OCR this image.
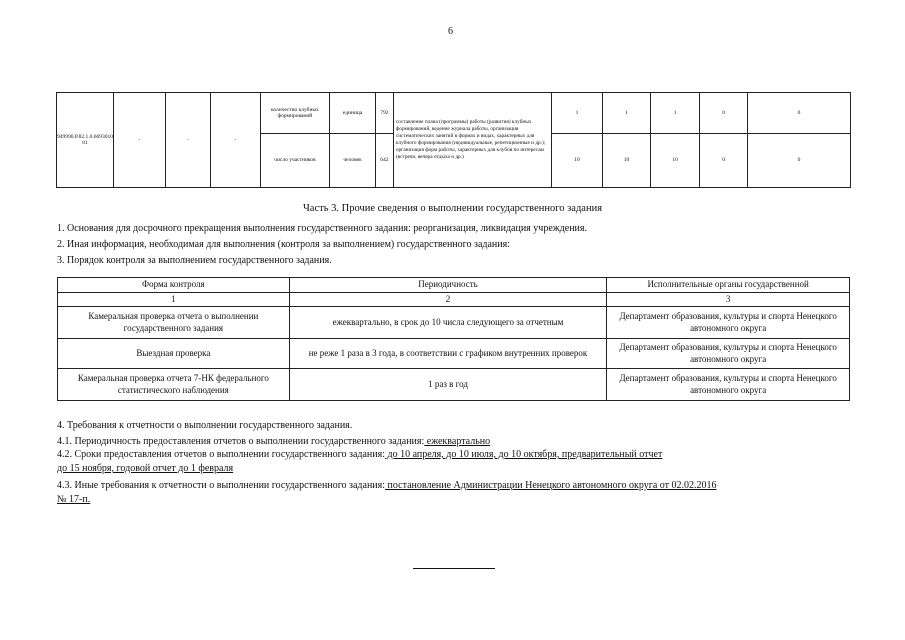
6
949990.Р.82.1.0.6693010 01	-	-	-	количество клубных формирований	единица	792	составление плана (программы) работы (развития) клубных формирований, ведение журнала работы, организация систематических занятий в формах и видах, характерных для клубного формирования (индивидуальные, репетиционные и др.); организация форм работы, характерных для клубов по интересам (встречи, вечера отдыха и др.)	1	1	1	0	0
				число участников	человек	642		10	10	10	0	0
Часть 3. Прочие сведения о выполнении государственного задания
1. Основания для досрочного прекращения выполнения государственного задания: реорганизация, ликвидация учреждения.
2. Иная информация, необходимая для выполнения (контроля за выполнением) государственного задания:
3. Порядок контроля за выполнением государственного задания.
Форма контроля	Периодичность	Исполнительные органы государственной
1	2	3
Камеральная проверка отчета о выполнении государственного задания	ежеквартально, в срок до 10 числа следующего за отчетным	Департамент образования, культуры и спорта Ненецкого автономного округа
Выездная проверка	не реже 1 раза в 3 года, в соответствии с графиком внутренних проверок	Департамент образования, культуры и спорта Ненецкого автономного округа
Камеральная проверка отчета 7-НК федерального статистического наблюдения	1 раз в год	Департамент образования, культуры и спорта Ненецкого автономного округа
4. Требования к отчетности о выполнении государственного задания.
4.1. Периодичность предоставления отчетов о выполнении государственного задания: ежеквартально
4.2. Сроки предоставления отчетов о выполнении государственного задания: до 10 апреля, до 10 июля, до 10 октября, предварительный отчет
до 15 ноября, годовой отчет до 1 февраля
4.3. Иные требования к отчетности о выполнении государственного задания: постановление Администрации Ненецкого автономного округа от 02.02.2016
№ 17-п.
